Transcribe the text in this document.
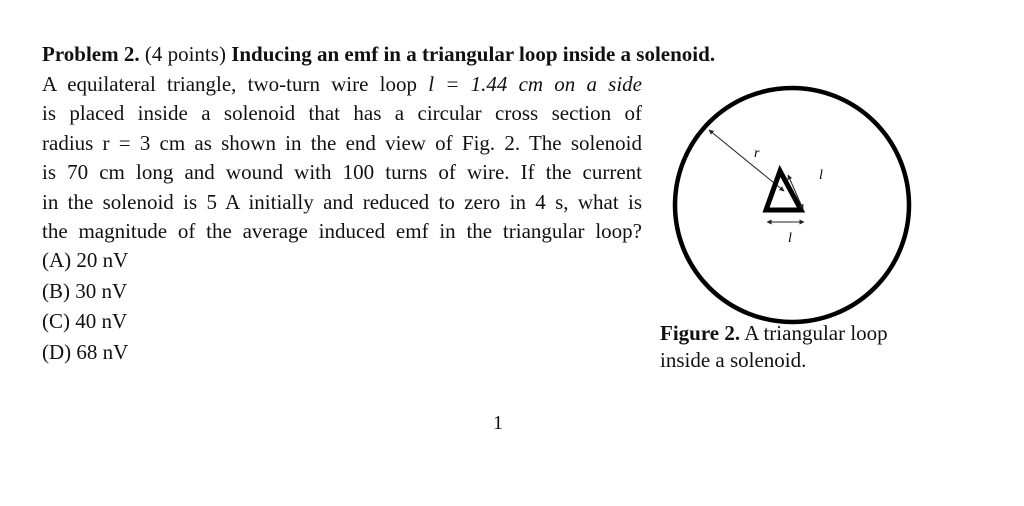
Problem 2. (4 points) Inducing an emf in a triangular loop inside a solenoid.
A equilateral triangle, two-turn wire loop l = 1.44 cm on a side
is placed inside a solenoid that has a circular cross section of
radius r = 3 cm as shown in the end view of Fig. 2. The solenoid
is 70 cm long and wound with 100 turns of wire. If the current
in the solenoid is 5 A initially and reduced to zero in 4 s, what is
the magnitude of the average induced emf in the triangular loop?
(A) 20 nV
(B) 30 nV
(C) 40 nV
(D) 68 nV
r
l
l
Figure 2. A triangular loop
inside a solenoid.
1
